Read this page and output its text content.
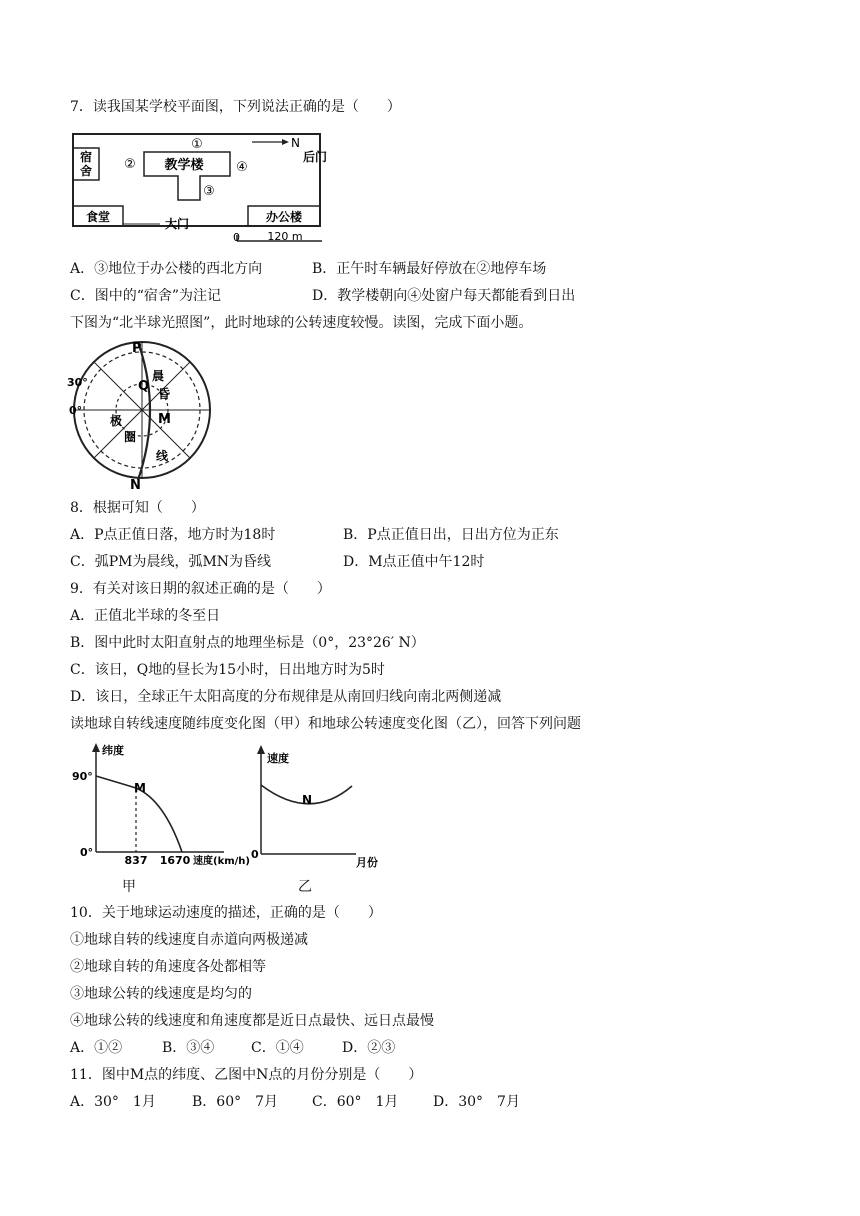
7．读我国某学校平面图，下列说法正确的是（　　）
宿
舍	教学楼
①
②
③
④
N
后门
食堂	大门	办公楼
0 120 m
A．③地位于办公楼的西北方向	B．正午时车辆最好停放在②地停车场
C．图中的“宿舍”为注记	D．教学楼朝向④处窗户每天都能看到日出
下图为“北半球光照图”，此时地球的公转速度较慢。读图，完成下面小题。
P
Q
M
N
晨
昏
极
圈
线
30°
0°
8．根据可知（　　）
A．P点正值日落，地方时为18时	B．P点正值日出，日出方位为正东
C．弧PM为晨线，弧MN为昏线	D．M点正值中午12时
9．有关对该日期的叙述正确的是（　　）
A．正值北半球的冬至日
B．图中此时太阳直射点的地理坐标是（0°，23°26′ N）
C．该日，Q地的昼长为15小时，日出地方时为5时
D．该日，全球正午太阳高度的分布规律是从南回归线向南北两侧递减
读地球自转线速度随纬度变化图（甲）和地球公转速度变化图（乙），回答下列问题
纬度
90°
0°
M
837 1670 速度(km/h)
甲
速度
0
N
月份
乙
10．关于地球运动速度的描述，正确的是（　　）
①地球自转的线速度自赤道向两极递减
②地球自转的角速度各处都相等
③地球公转的线速度是均匀的
④地球公转的线速度和角速度都是近日点最快、远日点最慢
A．①②	B．③④	C．①④	D．②③
11．图中M点的纬度、乙图中N点的月份分别是（　　）
A．30°　1月	B．60°　7月 C．60°　1月 D．30°　7月
